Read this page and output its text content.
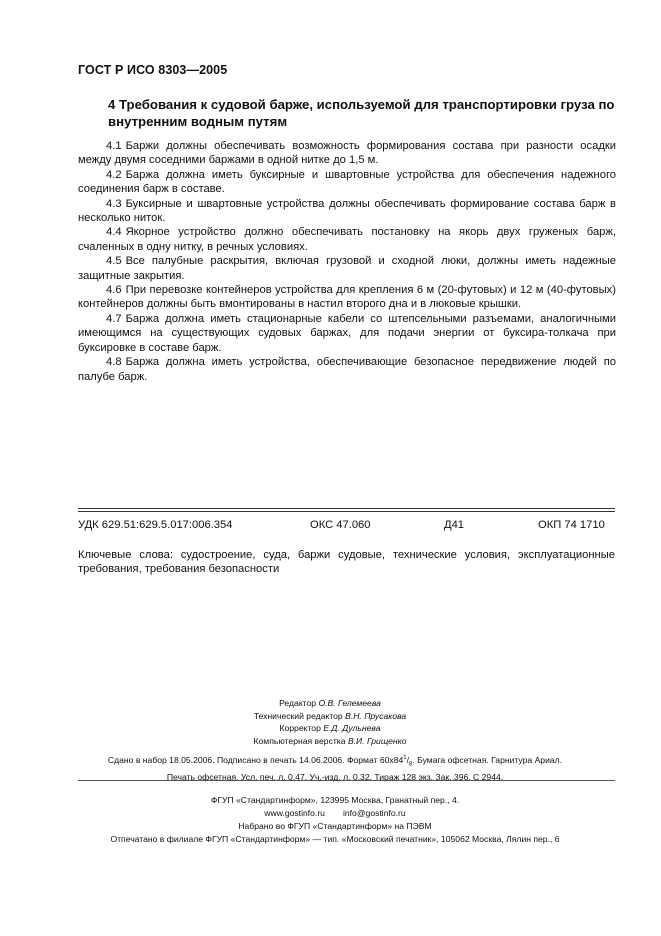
ГОСТ Р ИСО 8303—2005
4 Требования к судовой барже, используемой для транспортировки груза по внутренним водным путям

4.1 Баржи должны обеспечивать возможность формирования состава при разности осадки между двумя соседними баржами в одной нитке до 1,5 м.

4.2 Баржа должна иметь буксирные и швартовные устройства для обеспечения надежного соединения барж в составе.

4.3 Буксирные и швартовные устройства должны обеспечивать формирование состава барж в несколько ниток.

4.4 Якорное устройство должно обеспечивать постановку на якорь двух груженых барж, счаленных в одну нитку, в речных условиях.

4.5 Все палубные раскрытия, включая грузовой и сходной люки, должны иметь надежные защитные закрытия.

4.6 При перевозке контейнеров устройства для крепления 6 м (20-футовых) и 12 м (40-футовых) контейнеров должны быть вмонтированы в настил второго дна и в люковые крышки.

4.7 Баржа должна иметь стационарные кабели со штепсельными разъемами, аналогичными имеющимся на существующих судовых баржах, для подачи энергии от буксира-толкача при буксировке в составе барж.

4.8 Баржа должна иметь устройства, обеспечивающие безопасное передвижение людей по палубе барж.

УДК 629.51:629.5.017:006.354	ОКС 47.060	Д41	ОКП 74 1710
Ключевые слова: судостроение, суда, баржи судовые, технические условия, эксплуатационные требования, требования безопасности
Редактор О.В. Гелемеева
Технический редактор В.Н. Прусакова
Корректор Е.Д. Дульнева
Компьютерная верстка В.И. Грищенко
Сдано в набор 18.05.2006. Подписано в печать 14.06.2006. Формат $60x84^1/_8$. Бумага офсетная. Гарнитура Ариал.
Печать офсетная. Усл. печ. л. 0,47. Уч.-изд. л. 0,32. Тираж 128 экз. Зак. 396. С 2944.
ФГУП «Стандартинформ», 123995 Москва, Гранатный пер., 4.
www.gostinfo.ru info@gostinfo.ru
Набрано во ФГУП «Стандартинформ» на ПЭВМ
Отпечатано в филиале ФГУП «Стандартинформ» — тип. «Московский печатник», 105062 Москва, Лялин пер., 6
